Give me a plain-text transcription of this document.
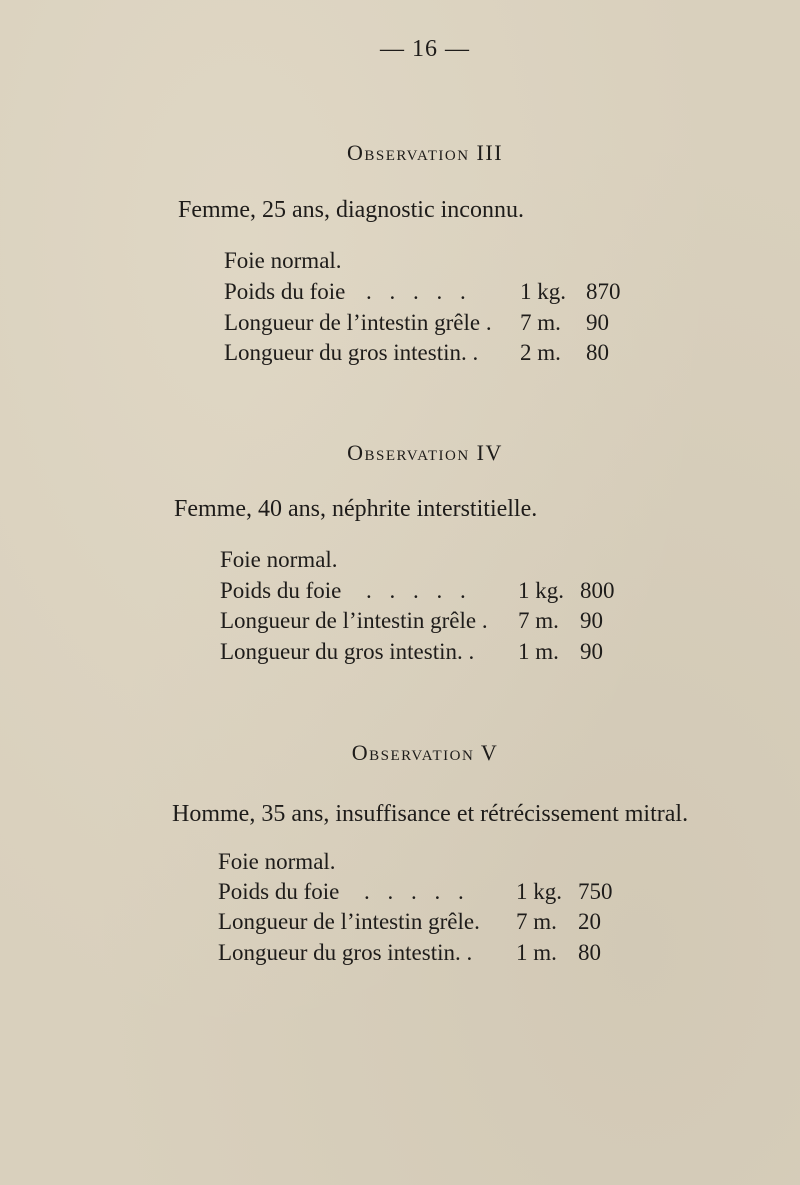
— 16 —
Observation III
Femme, 25 ans, diagnostic inconnu.
Foie normal.
Poids du foie . . . . . 1 kg. 870
Longueur de l’intestin grêle . 7 m. 90
Longueur du gros intestin. . 2 m. 80
Observation IV
Femme, 40 ans, néphrite interstitielle.
Foie normal.
Poids du foie . . . . . 1 kg. 800
Longueur de l’intestin grêle . 7 m. 90
Longueur du gros intestin. . 1 m. 90
Observation V
Homme, 35 ans, insuffisance et rétrécissement mitral.
Foie normal.
Poids du foie . . . . . 1 kg. 750
Longueur de l’intestin grêle. 7 m. 20
Longueur du gros intestin. . 1 m. 80
